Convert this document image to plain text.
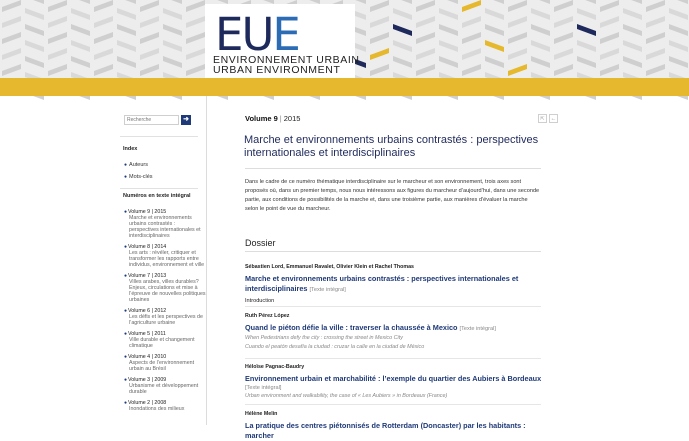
EUE
ENVIRONNEMENT URBAIN
URBAN ENVIRONMENT
Recherche
➜
Index
● Auteurs
● Mots-clés
Numéros en texte intégral
●Volume 9 | 2015
Marche et environnements urbains contrastés : perspectives internationales et interdisciplinaires
●Volume 8 | 2014
Les arts : révéler, critiquer et transformer les rapports entre individus, environnement et ville
●Volume 7 | 2013
Villes arabes, villes durables? Enjeux, circulations et mise à l’épreuve de nouvelles politiques urbaines
●Volume 6 | 2012
Les défis et les perspectives de l’agriculture urbaine
●Volume 5 | 2011
Ville durable et changement climatique
●Volume 4 | 2010
Aspects de l’environnement urbain au Brésil
●Volume 3 | 2009
Urbanisme et développement durable
●Volume 2 | 2008
Inondations des milieux
Volume 9 | 2015	⇱ ←
Marche et environnements urbains contrastés : perspectives internationales et interdisciplinaires

Dans le cadre de ce numéro thématique interdisciplinaire sur le marcheur et son environnement, trois axes sont proposés où, dans un premier temps, nous nous intéressons aux figures du marcheur d’aujourd’hui, dans une seconde partie, aux conditions de possibilités de la marche et, dans une troisième partie, aux manières d’évaluer la marche selon le point de vue du marcheur.

Dossier
Sébastien Lord, Emmanuel Ravalet, Olivier Klein et Rachel Thomas
Marche et environnements urbains contrastés : perspectives internationales et interdisciplinaires [Texte intégral]
Introduction
Ruth Pérez López
Quand le piéton défie la ville : traverser la chaussée à Mexico [Texte intégral]
When Pedestrians defy the city : crossing the street in Mexico City
Cuando el peatón desafía la ciudad : cruzar la calle en la ciudad de México
Héloïse Pagnac-Baudry
Environnement urbain et marchabilité : l’exemple du quartier des Aubiers à Bordeaux
[Texte intégral]
Urban environment and walkability, the case of « Les Aubiers » in Bordeaux (France)
Hélène Melin
La pratique des centres piétonnisés de Rotterdam (Doncaster) par les habitants : marcher
